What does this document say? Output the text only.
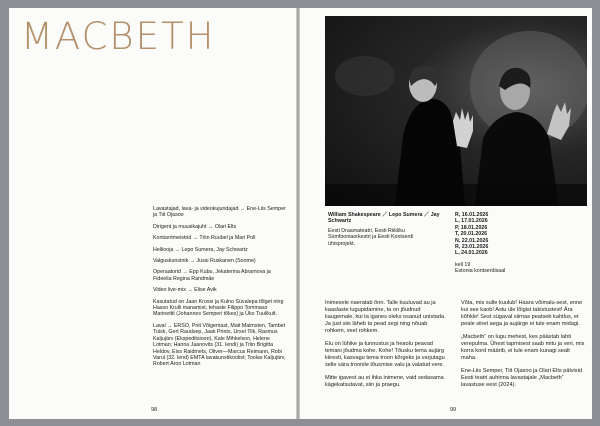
MACBETH

Lavastajad, lava- ja videokujundajad → Ene-Liis Semper ja Tiit Ojasoo

Dirigent ja muusikajuht → Olari Elts

Kontsertmeistrid → Triin Ruubel ja Mari Poll

Helilooja → Lepo Sumera, Jay Schwartz

Valguskunstnik → Jussi Ruskanen (Soome)

Operaatorid → Epp Kubu, Jekaterina Abramova ja Fideelia Regina Randmäe

Video live-mix → Elise Avik

Kasutatud on Jaan Krossi ja Kulno Süvalepa tõlget ning Hasso Krulli manamist, tehaste Filippo Tommaso Marinettit (Johannes Semperi tõkes) ja Üko Tuulikult.

Laval → ERSO, Priit Võigemast, Mait Malmsten, Tambet Tuisk, Gert Raudsep, Jaak Prints, Ursel Tilk, Rasmus Kaljujärv (Ekspeditsioon), Kale Mihkelson, Helene Lotman; Hanna Jaanovits (31. lendi) ja Triin Brigitta Heldov, Eiss Raidmets, Oliver—Marcus Reimann, Robi Varul (32. lend) EMTA lavakunstikoolist; Toolas Kaljujärv, Robert Aron Lotman

98

William Shakespeare ／ Lepo Sumera ／ Jay Schwartz

Eesti Draamateatri, Eesti Riikliku Sümfooniaorkestri ja Eesti Kontserdi ühisprojekt.

R, 16.01.2026
L, 17.01.2026
P, 18.01.2026
T, 20.01.2026
N, 22.01.2026
R, 23.01.2026
L, 24.01.2026
kell 19
Estonia kontserdisaal

Inimesele naeratab õnn. Talle kuuluvad au ja kaaslaste lugupidamine, ta on jõudnud kaugemale, kui ta iganes oleks osanud unistada. Ja just siis läheb ta pead segi ning nõuab rohkem, veel rohkem.

Elu on lühike ja tunnustus ja heaolu peavad temani jõudma kohe. Kohe! Tõusku tema aujärg kiiresti, kasvagu tema troon kõrgeks ja varjutagu selle sära troonile tõusmise valu ja valatud vere.

Mitte igavest au ei ihka inimene, vaid sedasama kägekatsutavat, siin ja praegu.

Võta, mis sulle kuulub! Haara võimalu-sest, enne kui see kaob! Astu üle lõigist takistustest! Ära kõhkle! Sest sügaval siirnas peatseb kahtlus, et peale siiret aega ja aujärge ei tule enam midagi.

„Macbeth“ on lugu mehest, kes päästab lahti verepulma. Ühest tapmisest saab mitu ja veri, mis korra kord määrib, ei tule enam kunagi sealt maha.

Ene-Liis Semper, Tiit Ojasoo ja Olari Elts pälvisid Eesti teatri auhinna lavastajale „Macbeth“ lavastuse eest (2024).

99
